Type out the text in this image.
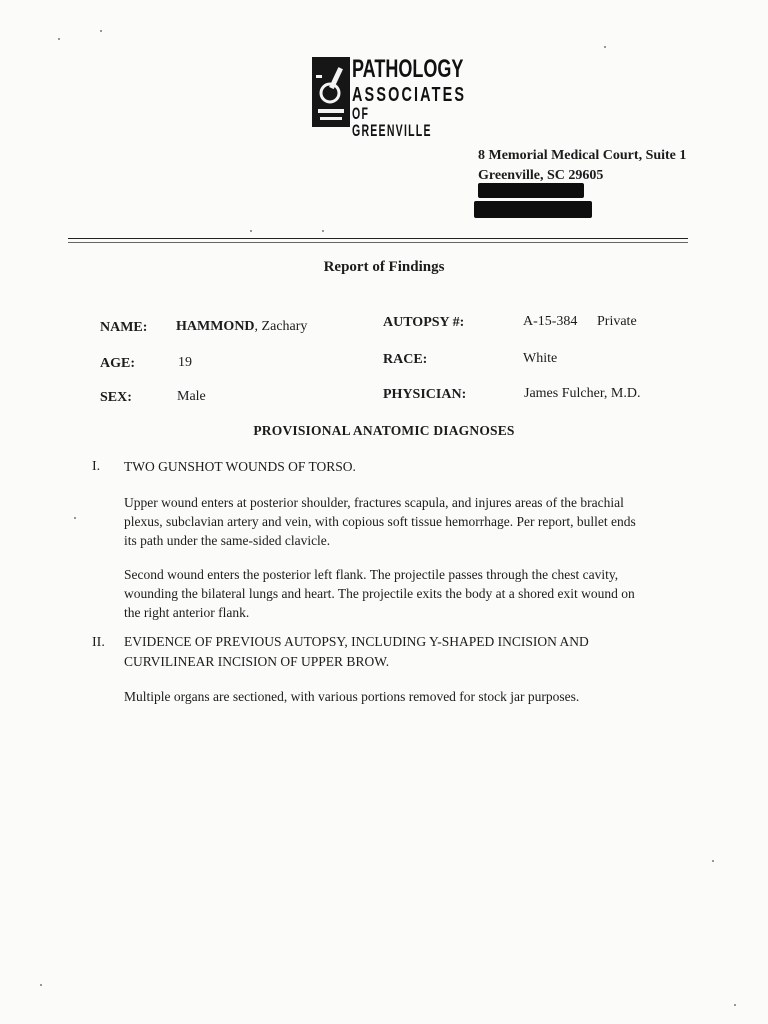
PATHOLOGY
ASSOCIATES
OF GREENVILLE
8 Memorial Medical Court, Suite 1
Greenville, SC 29605
Report of Findings
NAME: HAMMOND, Zachary
AGE:	19
SEX:	Male
AUTOPSY #:	A-15-384 Private
RACE:	White
PHYSICIAN:	James Fulcher, M.D.
PROVISIONAL ANATOMIC DIAGNOSES
I. TWO GUNSHOT WOUNDS OF TORSO.
Upper wound enters at posterior shoulder, fractures scapula, and injures areas of the brachial
plexus, subclavian artery and vein, with copious soft tissue hemorrhage. Per report, bullet ends
its path under the same-sided clavicle.
Second wound enters the posterior left flank. The projectile passes through the chest cavity,
wounding the bilateral lungs and heart. The projectile exits the body at a shored exit wound on
the right anterior flank.
II. EVIDENCE OF PREVIOUS AUTOPSY, INCLUDING Y-SHAPED INCISION AND
CURVILINEAR INCISION OF UPPER BROW.
Multiple organs are sectioned, with various portions removed for stock jar purposes.
